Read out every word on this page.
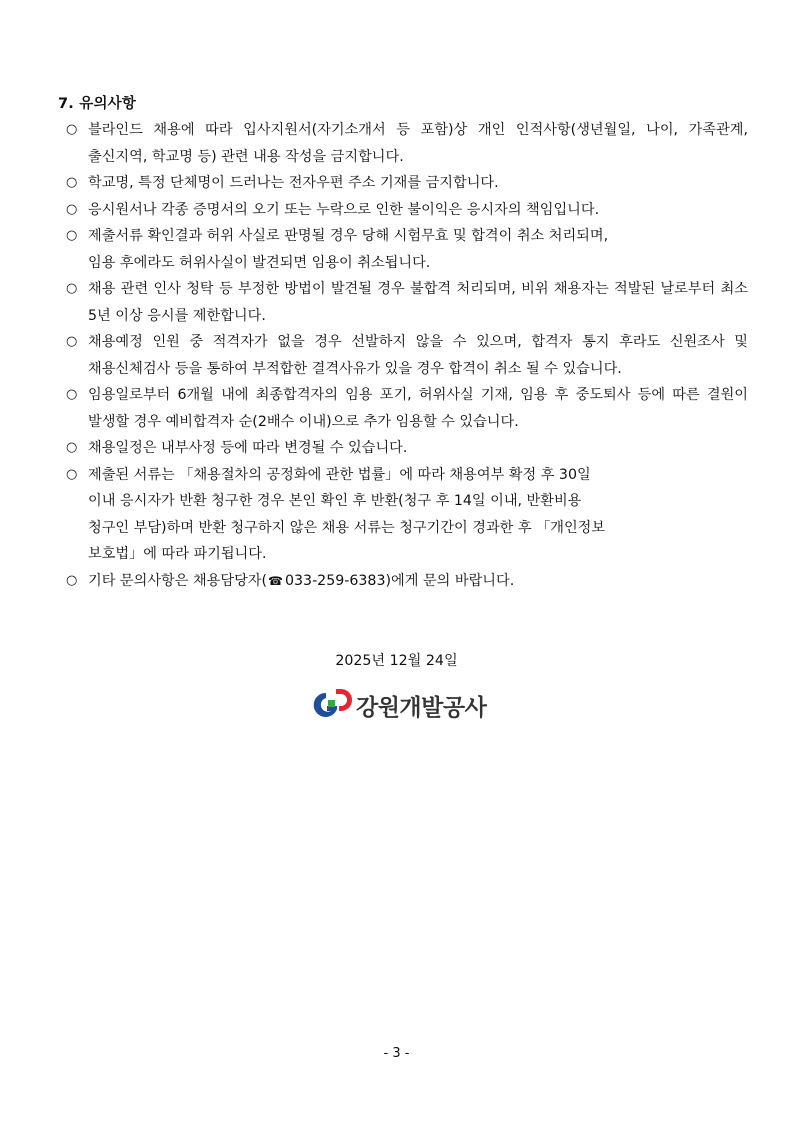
7. 유의사항
○ 블라인드 채용에 따라 입사지원서(자기소개서 등 포함)상 개인 인적사항(생년월일, 나이, 가족관계, 출신지역, 학교명 등) 관련 내용 작성을 금지합니다.
○ 학교명, 특정 단체명이 드러나는 전자우편 주소 기재를 금지합니다.
○ 응시원서나 각종 증명서의 오기 또는 누락으로 인한 불이익은 응시자의 책임입니다.
○ 제출서류 확인결과 허위 사실로 판명될 경우 당해 시험무효 및 합격이 취소 처리되며,
임용 후에라도 허위사실이 발견되면 임용이 취소됩니다.
○ 채용 관련 인사 청탁 등 부정한 방법이 발견될 경우 불합격 처리되며, 비위 채용자는 적발된 날로부터 최소 5년 이상 응시를 제한합니다.
○ 채용예정 인원 중 적격자가 없을 경우 선발하지 않을 수 있으며, 합격자 통지 후라도 신원조사 및 채용신체검사 등을 통하여 부적합한 결격사유가 있을 경우 합격이 취소 될 수 있습니다.
○ 임용일로부터 6개월 내에 최종합격자의 임용 포기, 허위사실 기재, 임용 후 중도퇴사 등에 따른 결원이 발생할 경우 예비합격자 순(2배수 이내)으로 추가 임용할 수 있습니다.
○ 채용일정은 내부사정 등에 따라 변경될 수 있습니다.
○ 제출된 서류는 「채용절차의 공정화에 관한 법률」에 따라 채용여부 확정 후 30일
이내 응시자가 반환 청구한 경우 본인 확인 후 반환(청구 후 14일 이내, 반환비용
청구인 부담)하며 반환 청구하지 않은 채용 서류는 청구기간이 경과한 후 「개인정보
보호법」에 따라 파기됩니다.
○ 기타 문의사항은 채용담당자(☎ 033-259-6383)에게 문의 바랍니다.

2025년 12월 24일

강원개발공사

- 3 -
